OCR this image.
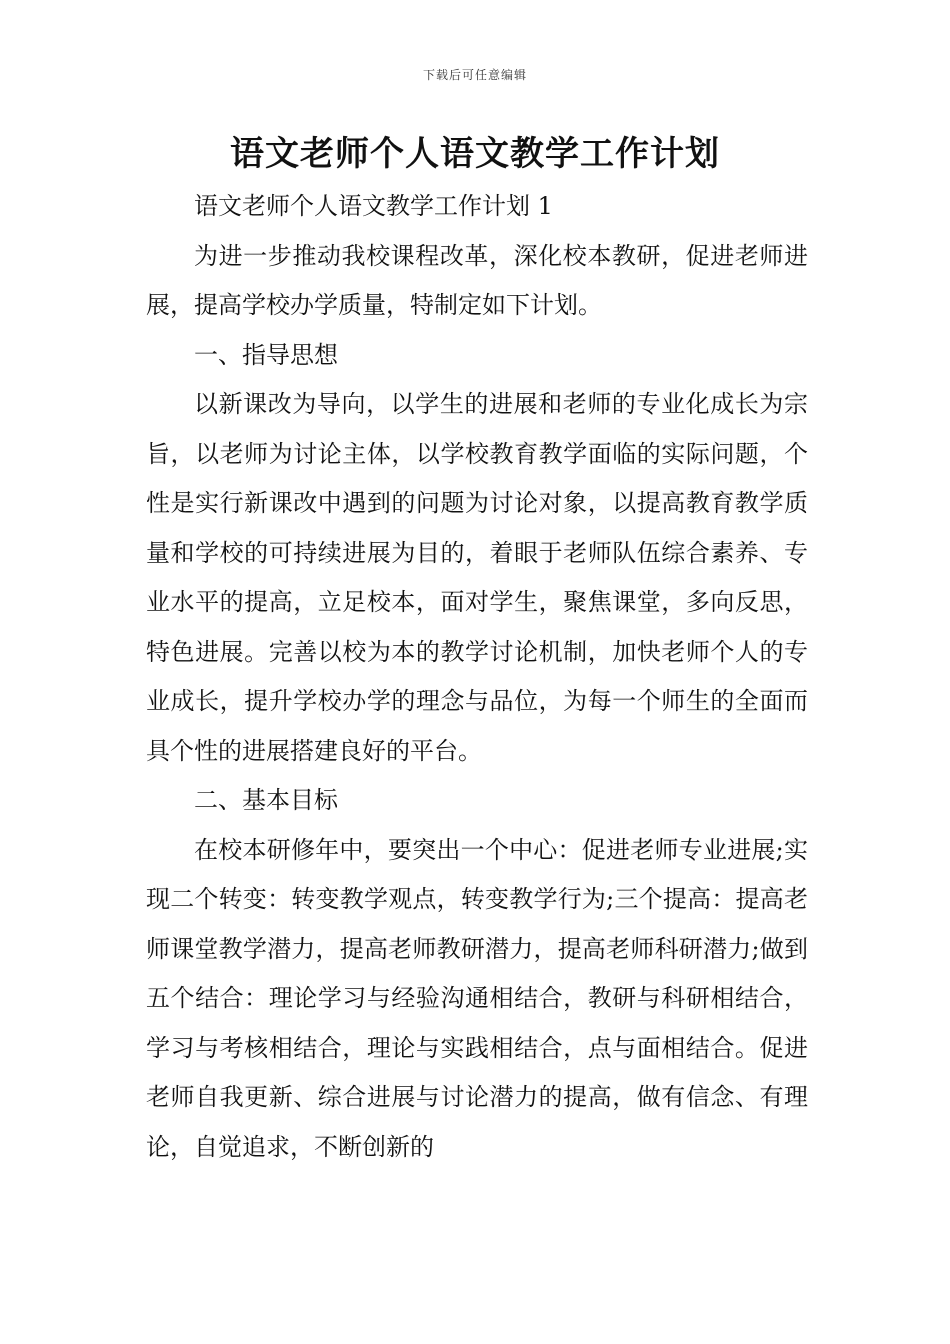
下载后可任意编辑
语文老师个人语文教学工作计划

语文老师个人语文教学工作计划 1

为进一步推动我校课程改革，深化校本教研，促进老师进展，提高学校办学质量，特制定如下计划。

一、指导思想

以新课改为导向，以学生的进展和老师的专业化成长为宗旨，以老师为讨论主体，以学校教育教学面临的实际问题，个性是实行新课改中遇到的问题为讨论对象，以提高教育教学质量和学校的可持续进展为目的，着眼于老师队伍综合素养、专业水平的提高，立足校本，面对学生，聚焦课堂，多向反思，特色进展。完善以校为本的教学讨论机制，加快老师个人的专业成长，提升学校办学的理念与品位，为每一个师生的全面而具个性的进展搭建良好的平台。

二、基本目标

在校本研修年中，要突出一个中心：促进老师专业进展;实现二个转变：转变教学观点，转变教学行为;三个提高：提高老师课堂教学潜力，提高老师教研潜力，提高老师科研潜力;做到五个结合：理论学习与经验沟通相结合，教研与科研相结合，学习与考核相结合，理论与实践相结合，点与面相结合。促进老师自我更新、综合进展与讨论潜力的提高，做有信念、有理论，自觉追求，不断创新的
